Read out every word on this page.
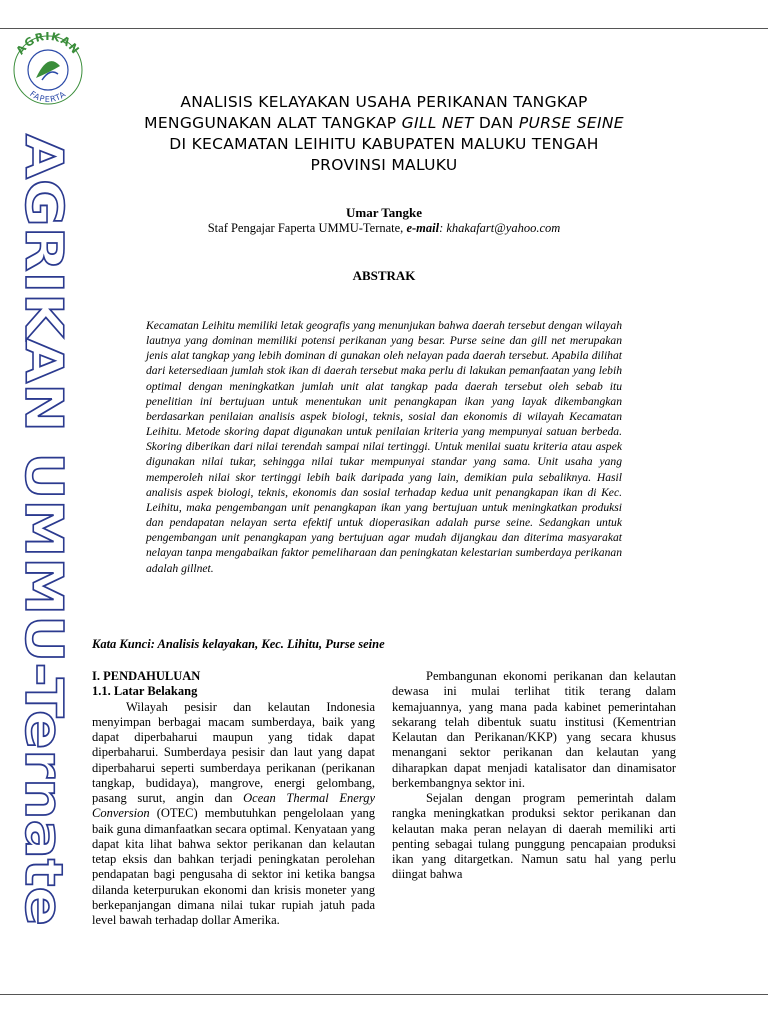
AGRIKAN
FAPERTA
AGRIKAN UMMU-Ternate
ANALISIS KELAYAKAN USAHA PERIKANAN TANGKAP
MENGGUNAKAN ALAT TANGKAP GILL NET DAN PURSE SEINE
DI KECAMATAN LEIHITU KABUPATEN MALUKU TENGAH
PROVINSI MALUKU
Umar Tangke
Staf Pengajar Faperta UMMU-Ternate, e-mail: khakafart@yahoo.com
ABSTRAK

Kecamatan Leihitu memiliki letak geografis yang menunjukan bahwa daerah tersebut dengan wilayah lautnya yang dominan memiliki potensi perikanan yang besar. Purse seine dan gill net merupakan jenis alat tangkap yang lebih dominan di gunakan oleh nelayan pada daerah tersebut. Apabila dilihat dari ketersediaan jumlah stok ikan di daerah tersebut maka perlu di lakukan pemanfaatan yang lebih optimal dengan meningkatkan jumlah unit alat tangkap pada daerah tersebut oleh sebab itu penelitian ini bertujuan untuk menentukan unit penangkapan ikan yang layak dikembangkan berdasarkan penilaian analisis aspek biologi, teknis, sosial dan ekonomis di wilayah Kecamatan Leihitu. Metode skoring dapat digunakan untuk penilaian kriteria yang mempunyai satuan berbeda. Skoring diberikan dari nilai terendah sampai nilai tertinggi. Untuk menilai suatu kriteria atau aspek digunakan nilai tukar, sehingga nilai tukar mempunyai standar yang sama. Unit usaha yang memperoleh nilai skor tertinggi lebih baik daripada yang lain, demikian pula sebaliknya. Hasil analisis aspek biologi, teknis, ekonomis dan sosial terhadap kedua unit penangkapan ikan di Kec. Leihitu, maka pengembangan unit penangkapan ikan yang bertujuan untuk meningkatkan produksi dan pendapatan nelayan serta efektif untuk dioperasikan adalah purse seine. Sedangkan untuk pengembangan unit penangkapan yang bertujuan agar mudah dijangkau dan diterima masyarakat nelayan tanpa mengabaikan faktor pemeliharaan dan peningkatan kelestarian sumberdaya perikanan adalah gillnet.

Kata Kunci: Analisis kelayakan, Kec. Lihitu, Purse seine

I. PENDAHULUAN

1.1. Latar Belakang

Wilayah pesisir dan kelautan Indonesia menyimpan berbagai macam sumberdaya, baik yang dapat diperbaharui maupun yang tidak dapat diperbaharui. Sumberdaya pesisir dan laut yang dapat diperbaharui seperti sumberdaya perikanan (perikanan tangkap, budidaya), mangrove, energi gelombang, pasang surut, angin dan Ocean Thermal Energy Conversion (OTEC) membutuhkan pengelolaan yang baik guna dimanfaatkan secara optimal. Kenyataan yang dapat kita lihat bahwa sektor perikanan dan kelautan tetap eksis dan bahkan terjadi peningkatan perolehan pendapatan bagi pengusaha di sektor ini ketika bangsa dilanda keterpurukan ekonomi dan krisis moneter yang berkepanjangan dimana nilai tukar rupiah jatuh pada level bawah terhadap dollar Amerika.

Pembangunan ekonomi perikanan dan kelautan dewasa ini mulai terlihat titik terang dalam kemajuannya, yang mana pada kabinet pemerintahan sekarang telah dibentuk suatu institusi (Kementrian Kelautan dan Perikanan/KKP) yang secara khusus menangani sektor perikanan dan kelautan yang diharapkan dapat menjadi katalisator dan dinamisator berkembangnya sektor ini.

Sejalan dengan program pemerintah dalam rangka meningkatkan produksi sektor perikanan dan kelautan maka peran nelayan di daerah memiliki arti penting sebagai tulang punggung pencapaian produksi ikan yang ditargetkan. Namun satu hal yang perlu diingat bahwa
